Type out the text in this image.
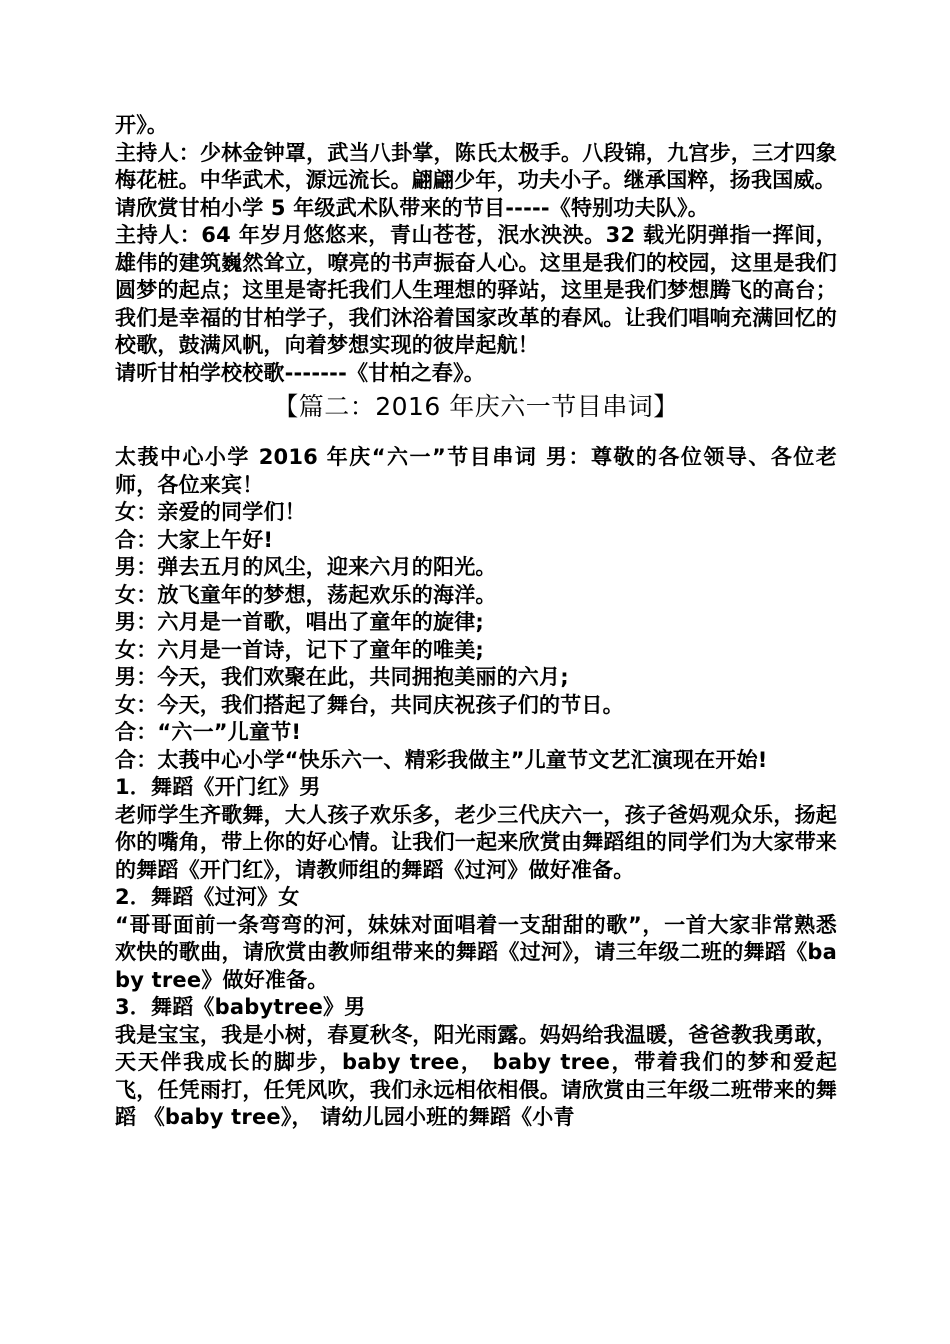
开》。

主持人：少林金钟罩，武当八卦掌，陈氏太极手。八段锦，九宫步，三才四象梅花桩。中华武术，源远流长。翩翩少年，功夫小子。继承国粹，扬我国威。

请欣赏甘柏小学 5 年级武术队带来的节目-----《特别功夫队》。

主持人：64 年岁月悠悠来，青山苍苍，泯水泱泱。32 载光阴弹指一挥间，雄伟的建筑巍然耸立，嘹亮的书声振奋人心。这里是我们的校园，这里是我们圆梦的起点；这里是寄托我们人生理想的驿站，这里是我们梦想腾飞的高台；我们是幸福的甘柏学子，我们沐浴着国家改革的春风。让我们唱响充满回忆的校歌，鼓满风帆，向着梦想实现的彼岸起航！

请听甘柏学校校歌-------《甘柏之春》。

【篇二：2016 年庆六一节目串词】

太莪中心小学 2016 年庆“六一”节目串词 男：尊敬的各位领导、各位老师，各位来宾！

女：亲爱的同学们！

合：大家上午好!

男：弹去五月的风尘，迎来六月的阳光。

女：放飞童年的梦想，荡起欢乐的海洋。

男：六月是一首歌，唱出了童年的旋律;

女：六月是一首诗，记下了童年的唯美;

男：今天，我们欢聚在此，共同拥抱美丽的六月;

女：今天，我们搭起了舞台，共同庆祝孩子们的节日。

合：“六一”儿童节!

合：太莪中心小学“快乐六一、精彩我做主”儿童节文艺汇演现在开始!

1．舞蹈《开门红》男

老师学生齐歌舞，大人孩子欢乐多，老少三代庆六一，孩子爸妈观众乐，扬起你的嘴角，带上你的好心情。让我们一起来欣赏由舞蹈组的同学们为大家带来的舞蹈《开门红》，请教师组的舞蹈《过河》做好准备。

2．舞蹈《过河》女

“哥哥面前一条弯弯的河，妹妹对面唱着一支甜甜的歌”，一首大家非常熟悉欢快的歌曲，请欣赏由教师组带来的舞蹈《过河》，请三年级二班的舞蹈《baby tree》做好准备。

3．舞蹈《babytree》男

我是宝宝，我是小树，春夏秋冬，阳光雨露。妈妈给我温暖，爸爸教我勇敢，天天伴我成长的脚步，baby tree， baby tree，带着我们的梦和爱起飞，任凭雨打，任凭风吹，我们永远相依相偎。请欣赏由三年级二班带来的舞蹈 《baby tree》， 请幼儿园小班的舞蹈《小青
